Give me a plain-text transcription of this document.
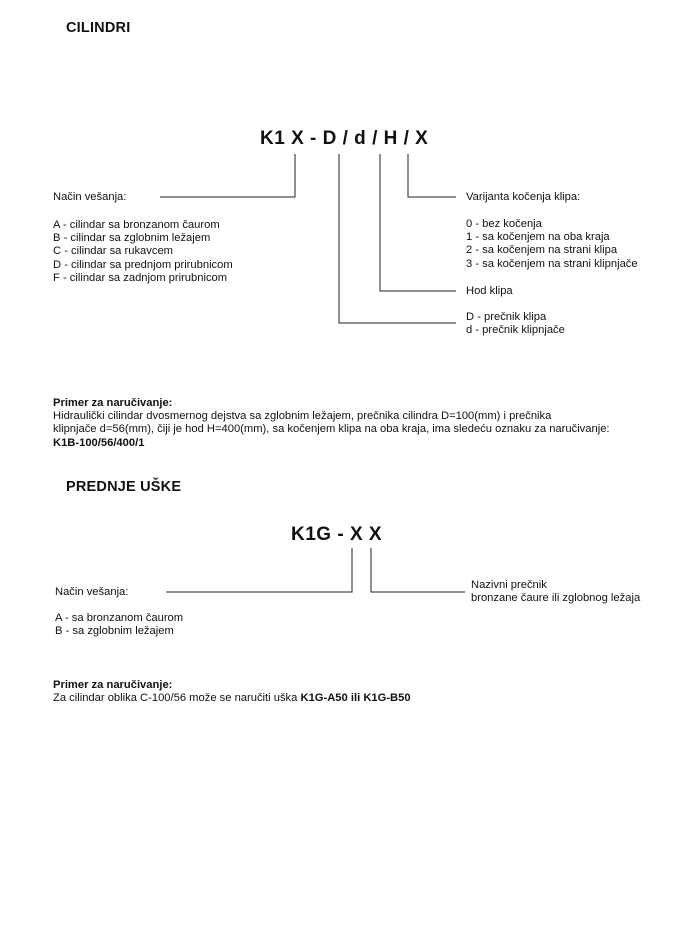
CILINDRI
K1 X - D / d / H / X
Način vešanja:
A - cilindar sa bronzanom čaurom
B - cilindar sa zglobnim ležajem
C - cilindar sa rukavcem
D - cilindar sa prednjom prirubnicom
F - cilindar sa zadnjom prirubnicom
Varijanta kočenja klipa:
0 - bez kočenja
1 - sa kočenjem na oba kraja
2 - sa kočenjem na strani klipa
3 - sa kočenjem na strani klipnjače
Hod klipa
D - prečnik klipa
d - prečnik klipnjače
Primer za naručivanje:
Hidraulički cilindar dvosmernog dejstva sa zglobnim ležajem, prečnika cilindra D=100(mm) i prečnika
klipnjače d=56(mm), čiji je hod H=400(mm), sa kočenjem klipa na oba kraja, ima sledeću oznaku za naručivanje:
K1B-100/56/400/1
PREDNJE UŠKE
K1G - X X
Način vešanja:
A - sa bronzanom čaurom
B - sa zglobnim ležajem
Nazivni prečnik
bronzane čaure ili zglobnog ležaja
Primer za naručivanje:
Za cilindar oblika C-100/56 može se naručiti uška K1G-A50 ili K1G-B50
